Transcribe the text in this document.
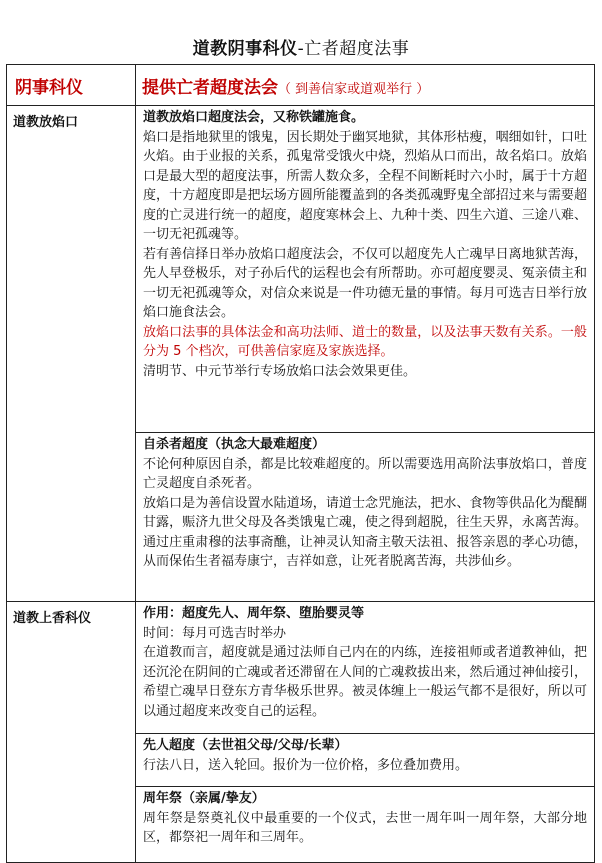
道教阴事科仪-亡者超度法事
阴事科仪	提供亡者超度法会（ 到善信家或道观举行 ）
道教放焰口	道教放焰口超度法会，又称铁罐施食。

焰口是指地狱里的饿鬼，因长期处于幽冥地狱，其体形枯瘦，咽细如针，口吐火焰。由于业报的关系，孤鬼常受饿火中烧，烈焰从口而出，故名焰口。放焰口是最大型的超度法事，所需人数众多，全程不间断耗时六小时，属于十方超度，十方超度即是把坛场方圆所能覆盖到的各类孤魂野鬼全部招过来与需要超度的亡灵进行统一的超度，超度寒林会上、九种十类、四生六道、三途八难、一切无祀孤魂等。

若有善信择日举办放焰口超度法会，不仅可以超度先人亡魂早日离地狱苦海，先人早登极乐，对子孙后代的运程也会有所帮助。亦可超度婴灵、冤亲债主和一切无祀孤魂等众，对信众来说是一件功德无量的事情。每月可选吉日举行放焰口施食法会。

放焰口法事的具体法金和高功法师、道士的数量，以及法事天数有关系。一般分为 5 个档次，可供善信家庭及家族选择。

清明节、中元节举行专场放焰口法会效果更佳。

	自杀者超度（执念大最难超度）

不论何种原因自杀，都是比较难超度的。所以需要选用高阶法事放焰口，普度亡灵超度自杀死者。

放焰口是为善信设置水陆道场，请道士念咒施法，把水、食物等供品化为醍醐甘露，赈济九世父母及各类饿鬼亡魂，使之得到超脱，往生天界，永离苦海。通过庄重肃穆的法事斋醮，让神灵认知斋主敬天法祖、报答亲恩的孝心功德，从而保佑生者福寿康宁，吉祥如意，让死者脱离苦海，共涉仙乡。

道教上香科仪	作用：超度先人、周年祭、堕胎婴灵等

时间：每月可选吉时举办

在道教而言，超度就是通过法师自己内在的内练，连接祖师或者道教神仙，把还沉沦在阴间的亡魂或者还滞留在人间的亡魂救拔出来，然后通过神仙接引，希望亡魂早日登东方青华极乐世界。被灵体缠上一般运气都不是很好，所以可以通过超度来改变自己的运程。

	先人超度（去世祖父母/父母/长辈）

行法八日，送入轮回。报价为一位价格，多位叠加费用。

	周年祭（亲属/挚友）

周年祭是祭奠礼仪中最重要的一个仪式，去世一周年叫一周年祭，大部分地区，都祭祀一周年和三周年。
